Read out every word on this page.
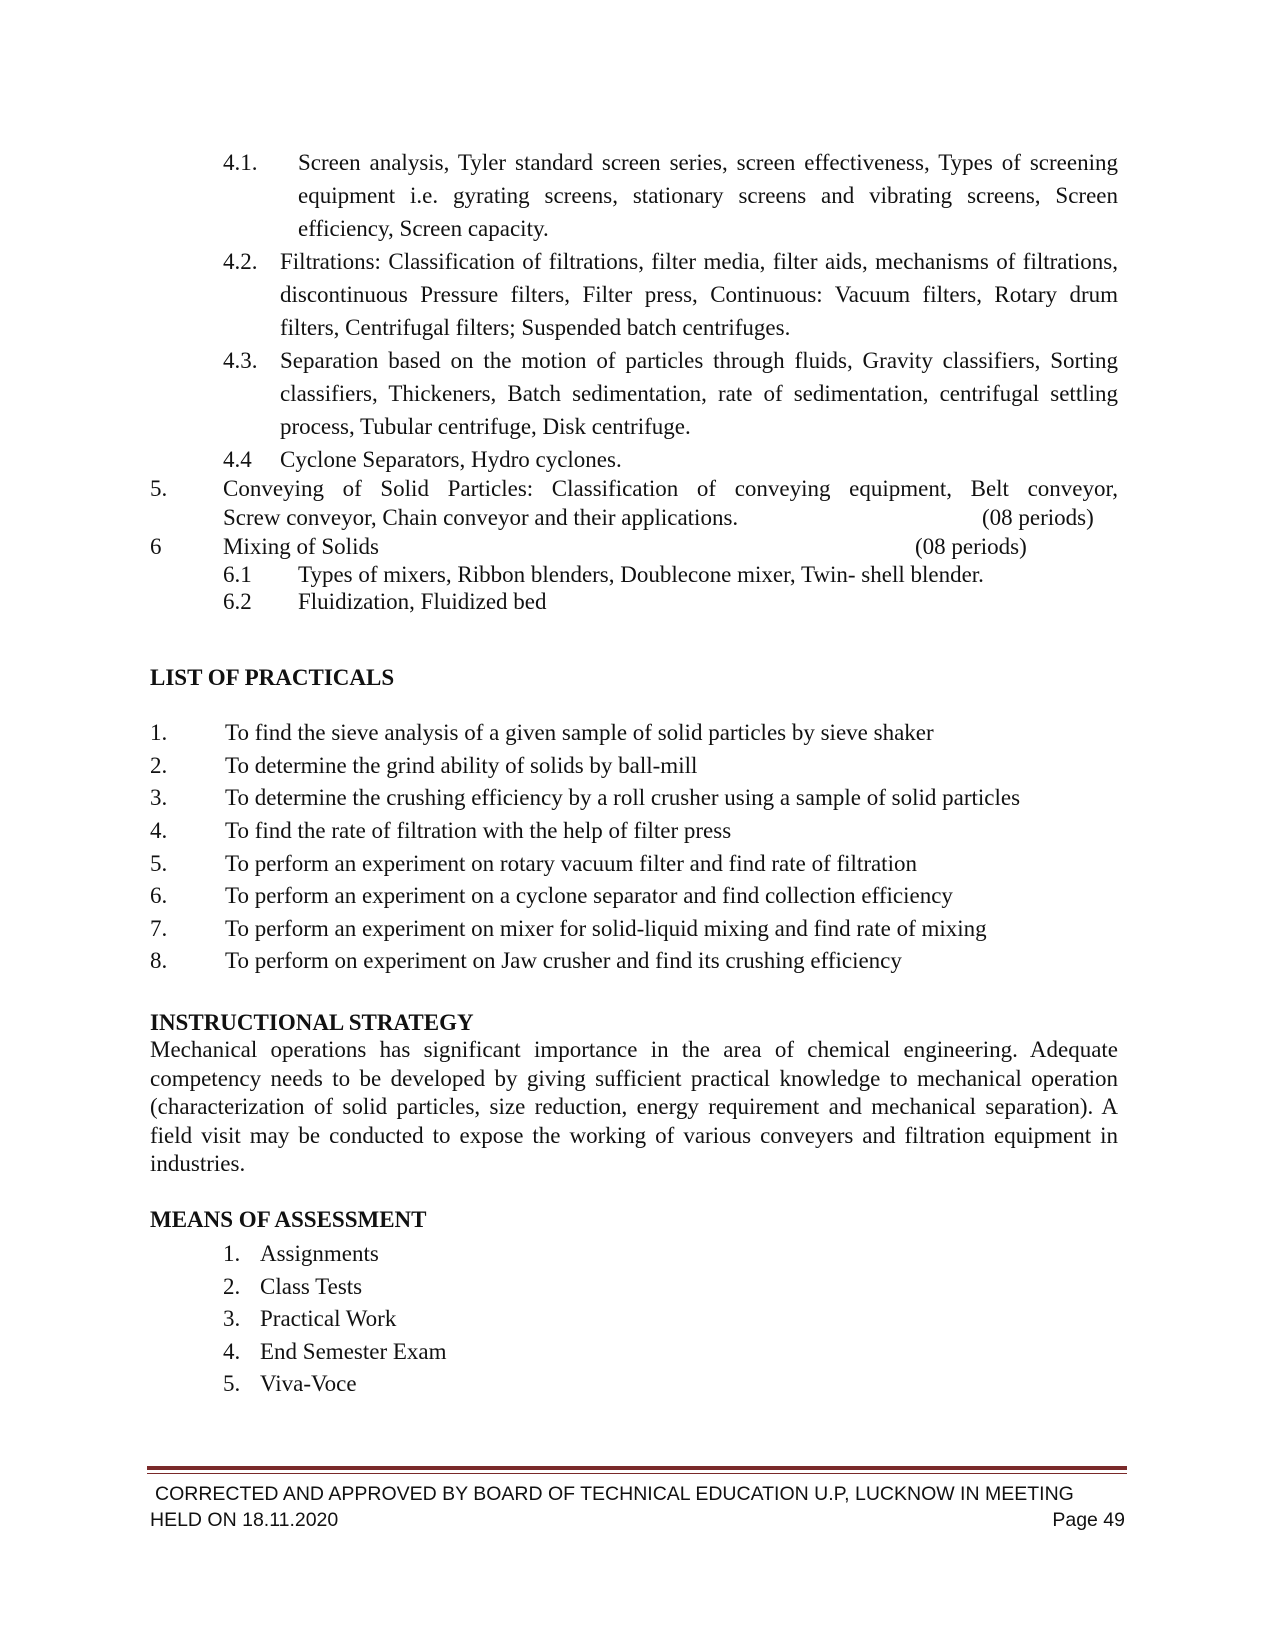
4.1.	Screen analysis, Tyler standard screen series, screen effectiveness, Types of screening equipment i.e. gyrating screens, stationary screens and vibrating screens, Screen efficiency, Screen capacity.
4.2. Filtrations: Classification of filtrations, filter media, filter aids, mechanisms of filtrations, discontinuous Pressure filters, Filter press, Continuous: Vacuum filters, Rotary drum filters, Centrifugal filters; Suspended batch centrifuges.
4.3. Separation based on the motion of particles through fluids, Gravity classifiers, Sorting classifiers, Thickeners, Batch sedimentation, rate of sedimentation, centrifugal settling process, Tubular centrifuge, Disk centrifuge.
4.4	Cyclone Separators, Hydro cyclones.
5. Conveying of Solid Particles: Classification of conveying equipment, Belt conveyor,
Screw conveyor, Chain conveyor and their applications.	(08 periods)
6	Mixing of Solids	(08 periods)
6.1 Types of mixers, Ribbon blenders, Doublecone mixer, Twin- shell blender.
6.2 Fluidization, Fluidized bed
LIST OF PRACTICALS
1.	To find the sieve analysis of a given sample of solid particles by sieve shaker
2.	To determine the grind ability of solids by ball-mill
3.	To determine the crushing efficiency by a roll crusher using a sample of solid particles
4.	To find the rate of filtration with the help of filter press
5.	To perform an experiment on rotary vacuum filter and find rate of filtration
6.	To perform an experiment on a cyclone separator and find collection efficiency
7.	To perform an experiment on mixer for solid-liquid mixing and find rate of mixing
8.	To perform on experiment on Jaw crusher and find its crushing efficiency
INSTRUCTIONAL STRATEGY
Mechanical operations has significant importance in the area of chemical engineering. Adequate competency needs to be developed by giving sufficient practical knowledge to mechanical operation (characterization of solid particles, size reduction, energy requirement and mechanical separation). A field visit may be conducted to expose the working of various conveyers and filtration equipment in industries.
MEANS OF ASSESSMENT
1. Assignments
2. Class Tests
3. Practical Work
4. End Semester Exam
5. Viva-Voce
CORRECTED AND APPROVED BY BOARD OF TECHNICAL EDUCATION U.P, LUCKNOW IN MEETING
HELD ON 18.11.2020	Page 49
